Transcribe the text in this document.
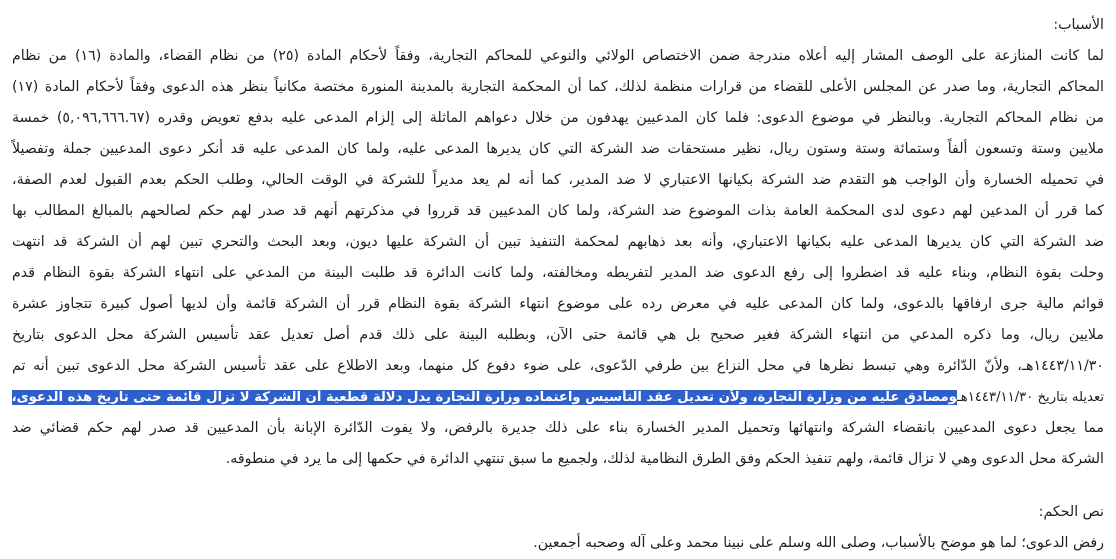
الأسباب:
لما كانت المنازعة على الوصف المشار إليه أعلاه مندرجة ضمن الاختصاص الولائي والنوعي للمحاكم التجارية، وفقاً لأحكام المادة (٢٥) من نظام القضاء، والمادة (١٦) من نظام
المحاكم التجارية، وما صدر عن المجلس الأعلى للقضاء من قرارات منظمة لذلك، كما أن المحكمة التجارية بالمدينة المنورة مختصة مكانياً بنظر هذه الدعوى وفقاً لأحكام المادة (١٧)
من نظام المحاكم التجارية. وبالنظر في موضوع الدعوى: فلما كان المدعيين يهدفون من خلال دعواهم الماثلة إلى إلزام المدعى عليه بدفع تعويض وقدره (٥,٠٩٦,٦٦٦.٦٧) خمسة
ملايين وستة وتسعون ألفاً وستمائة وستة وستون ريال، نظير مستحقات ضد الشركة التي كان يديرها المدعى عليه، ولما كان المدعى عليه قد أنكر دعوى المدعيين جملة وتفصيلاً
في تحميله الخسارة وأن الواجب هو التقدم ضد الشركة بكيانها الاعتباري لا ضد المدير، كما أنه لم يعد مديراً للشركة في الوقت الحالي، وطلب الحكم بعدم القبول لعدم الصفة،
كما قرر أن المدعين لهم دعوى لدى المحكمة العامة بذات الموضوع ضد الشركة، ولما كان المدعيين قد قرروا في مذكرتهم أنهم قد صدر لهم حكم لصالحهم بالمبالغ المطالب بها
ضد الشركة التي كان يديرها المدعى عليه بكيانها الاعتباري، وأنه بعد ذهابهم لمحكمة التنفيذ تبين أن الشركة عليها ديون، وبعد البحث والتحري تبين لهم أن الشركة قد انتهت
وحلت بقوة النظام، وبناء عليه قد اضطروا إلى رفع الدعوى ضد المدير لتفريطه ومخالفته، ولما كانت الدائرة قد طلبت البينة من المدعي على انتهاء الشركة بقوة النظام قدم
قوائم مالية جرى ارفاقها بالدعوى، ولما كان المدعى عليه في معرض رده على موضوع انتهاء الشركة بقوة النظام قرر أن الشركة قائمة وأن لديها أصول كبيرة تتجاوز عشرة
ملايين ريال، وما ذكره المدعي من انتهاء الشركة فغير صحيح بل هي قائمة حتى الآن، وبطلبه البينة على ذلك قدم أصل تعديل عقد تأسيس الشركة محل الدعوى بتاريخ
١٤٤٣/١١/٣٠هـ، ولأنّ الدّائرة وهي تبسط نظرها في محل النزاع بين طرفي الدّعوى، على ضوء دفوع كل منهما، وبعد الاطلاع على عقد تأسيس الشركة محل الدعوى تبين أنه تم
تعديله بتاريخ ١٤٤٣/١١/٣٠هـومصادق عليه من وزارة التجارة، ولأن تعديل عقد التأسيس واعتماده وزارة التجارة يدل دلالة قطعية أن الشركة لا تزال قائمة حتى تاريخ هذه الدعوى،
مما يجعل دعوى المدعيين بانقضاء الشركة وانتهائها وتحميل المدير الخسارة بناء على ذلك جديرة بالرفض، ولا يفوت الدّائرة الإبانة بأن المدعيين قد صدر لهم حكم قضائي ضد
الشركة محل الدعوى وهي لا تزال قائمة، ولهم تنفيذ الحكم وفق الطرق النظامية لذلك، ولجميع ما سبق تنتهي الدائرة في حكمها إلى ما يرد في منطوقه.
نص الحكم:
رفض الدعوى؛ لما هو موضح بالأسباب، وصلى الله وسلم على نبينا محمد وعلى آله وصحبه أجمعين.
